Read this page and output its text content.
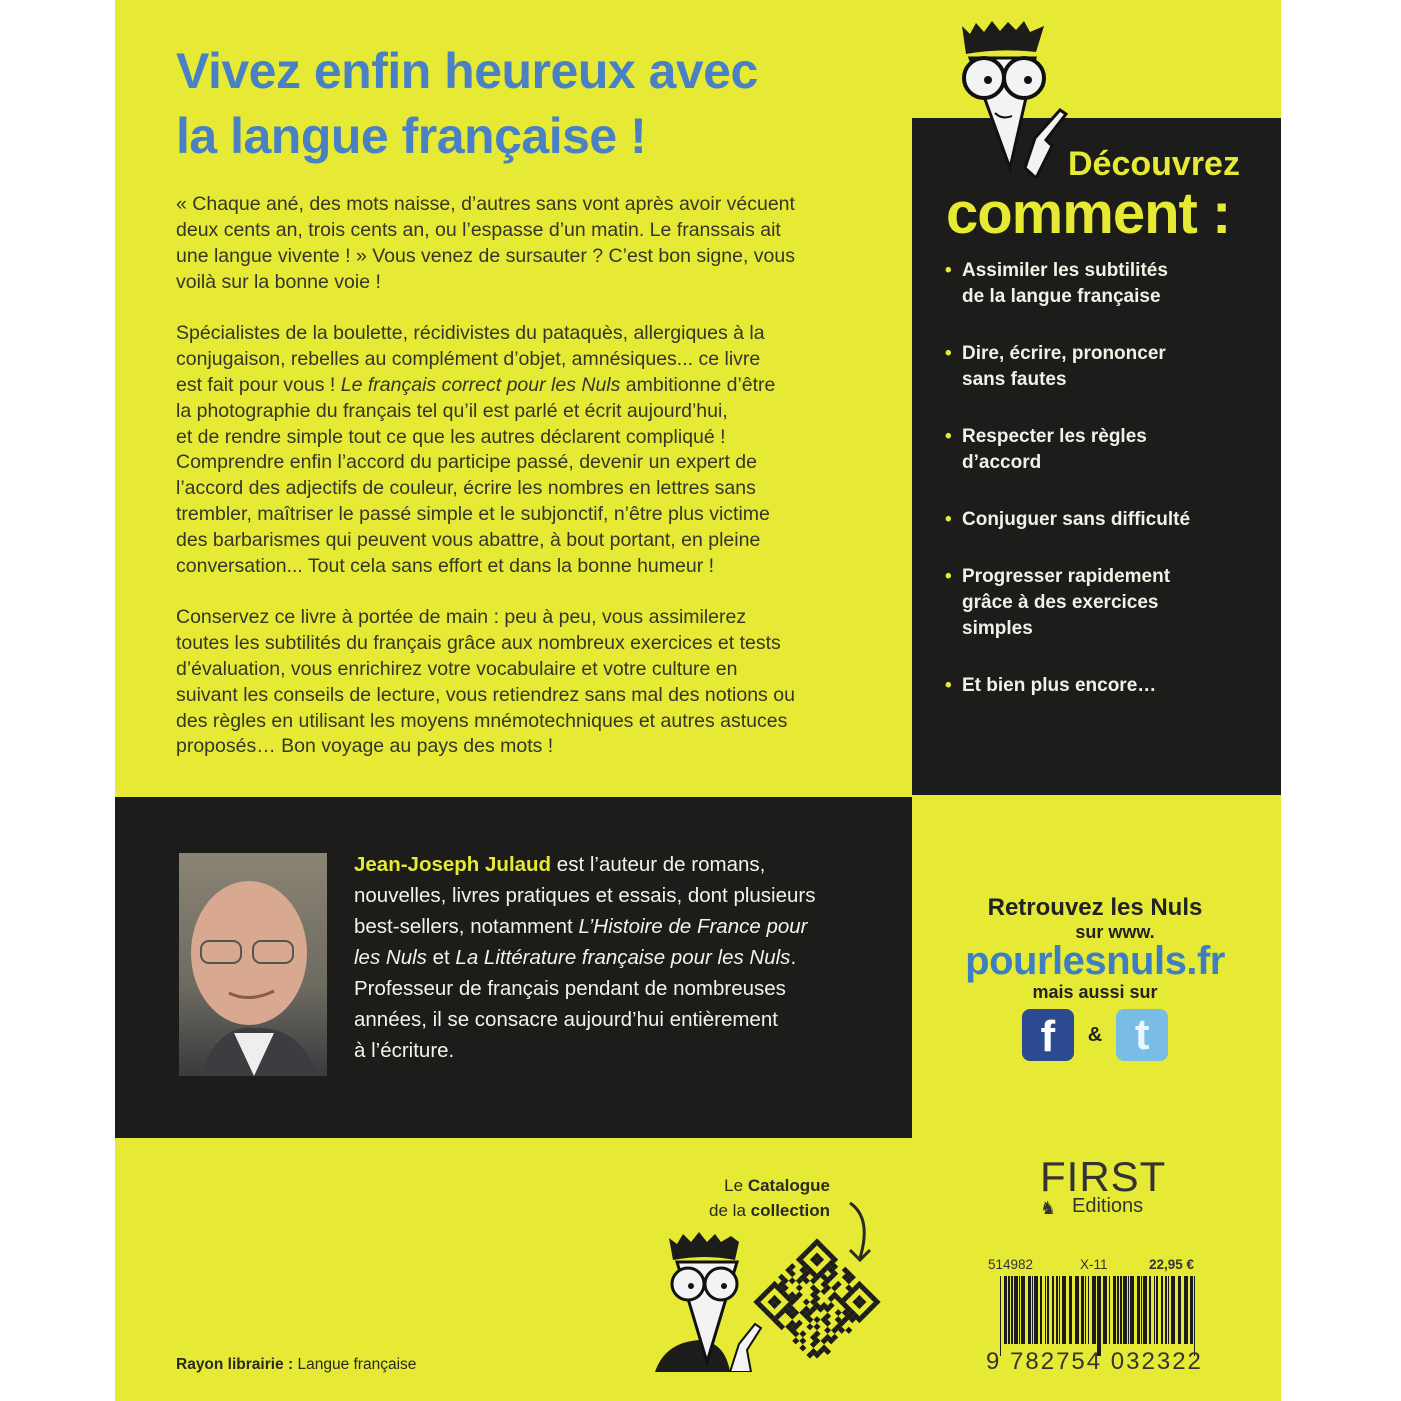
Vivez enfin heureux avec
la langue française !
« Chaque ané, des mots naisse, d’autres sans vont après avoir vécuent
deux cents an, trois cents an, ou l’espasse d’un matin. Le franssais ait
une langue vivente ! » Vous venez de sursauter ? C’est bon signe, vous
voilà sur la bonne voie !
Spécialistes de la boulette, récidivistes du pataquès, allergiques à la
conjugaison, rebelles au complément d’objet, amnésiques... ce livre
est fait pour vous ! Le français correct pour les Nuls ambitionne d’être
la photographie du français tel qu’il est parlé et écrit aujourd’hui,
et de rendre simple tout ce que les autres déclarent compliqué !
Comprendre enfin l’accord du participe passé, devenir un expert de
l’accord des adjectifs de couleur, écrire les nombres en lettres sans
trembler, maîtriser le passé simple et le subjonctif, n’être plus victime
des barbarismes qui peuvent vous abattre, à bout portant, en pleine
conversation... Tout cela sans effort et dans la bonne humeur !
Conservez ce livre à portée de main : peu à peu, vous assimilerez
toutes les subtilités du français grâce aux nombreux exercices et tests
d’évaluation, vous enrichirez votre vocabulaire et votre culture en
suivant les conseils de lecture, vous retiendrez sans mal des notions ou
des règles en utilisant les moyens mnémotechniques et autres astuces
proposés… Bon voyage au pays des mots !
Découvrez
comment :
• Assimiler les subtilités
de la langue française
• Dire, écrire, prononcer
sans fautes
• Respecter les règles
d’accord
• Conjuguer sans difficulté
• Progresser rapidement
grâce à des exercices
simples
• Et bien plus encore…
Jean-Joseph Julaud est l’auteur de romans,
nouvelles, livres pratiques et essais, dont plusieurs
best-sellers, notamment L’Histoire de France pour
les Nuls et La Littérature française pour les Nuls.
Professeur de français pendant de nombreuses
années, il se consacre aujourd’hui entièrement
à l’écriture.
Retrouvez les Nuls
sur www.
pourlesnuls.fr
mais aussi sur
f	& t
FIRST
♞ Editions
Le Catalogue
de la collection
Rayon librairie : Langue française
514982	X-11	22,95 €
9 782754 032322
